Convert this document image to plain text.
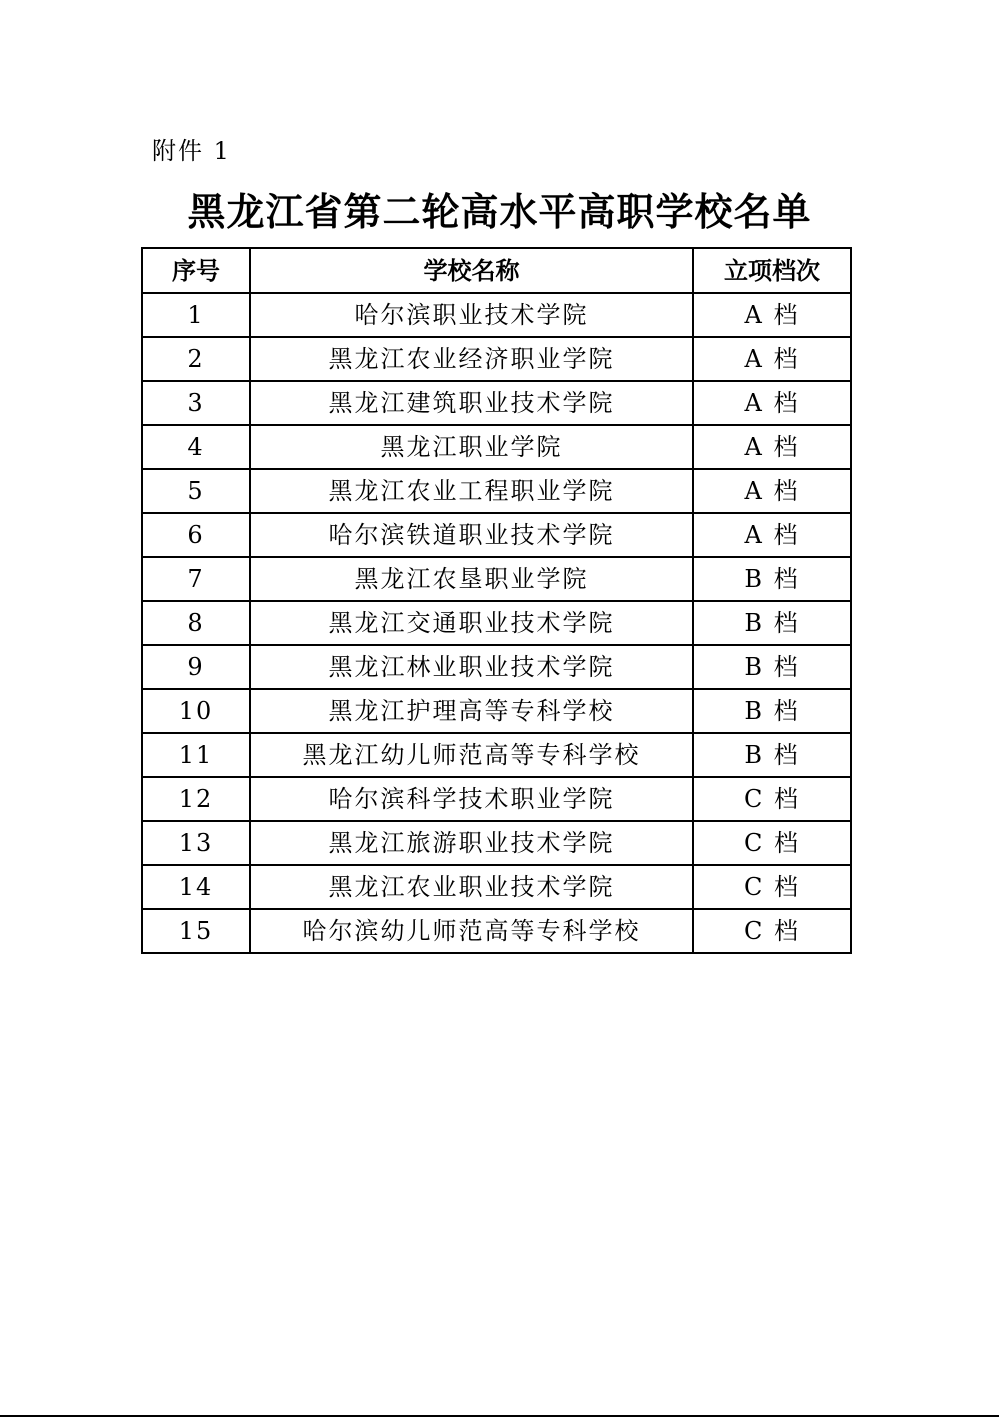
附件 1
黑龙江省第二轮高水平高职学校名单
序号	学校名称	立项档次
1	哈尔滨职业技术学院	A 档
2	黑龙江农业经济职业学院	A 档
3	黑龙江建筑职业技术学院	A 档
4	黑龙江职业学院	A 档
5	黑龙江农业工程职业学院	A 档
6	哈尔滨铁道职业技术学院	A 档
7	黑龙江农垦职业学院	B 档
8	黑龙江交通职业技术学院	B 档
9	黑龙江林业职业技术学院	B 档
10	黑龙江护理高等专科学校	B 档
11	黑龙江幼儿师范高等专科学校	B 档
12	哈尔滨科学技术职业学院	C 档
13	黑龙江旅游职业技术学院	C 档
14	黑龙江农业职业技术学院	C 档
15	哈尔滨幼儿师范高等专科学校	C 档
